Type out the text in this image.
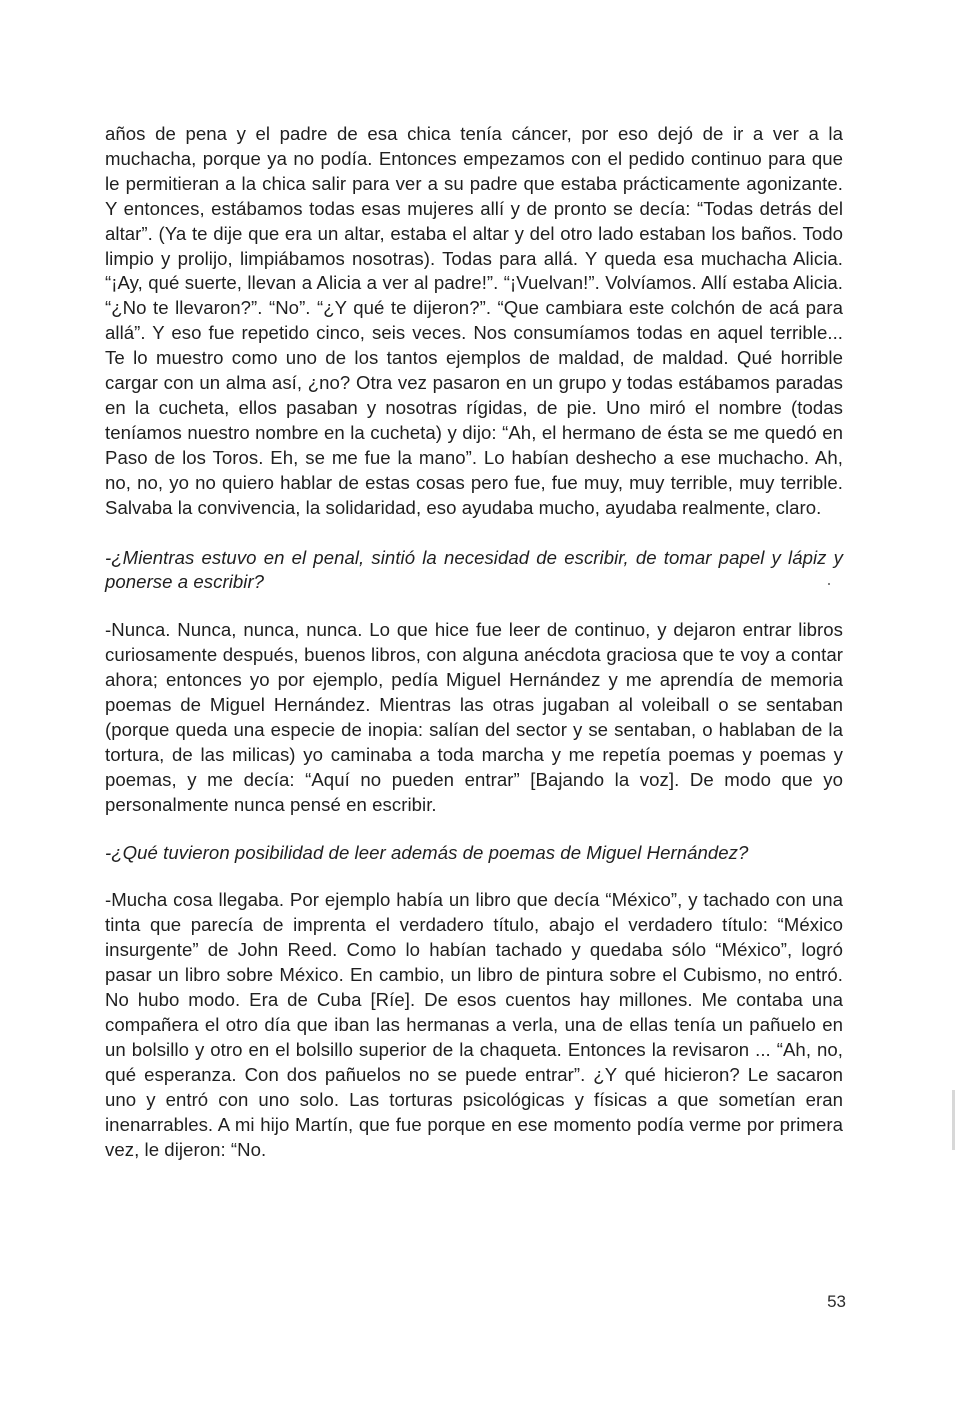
años de pena y el padre de esa chica tenía cáncer, por eso dejó de ir a ver a la muchacha, porque ya no podía. Entonces empezamos con el pedido continuo para que le permitieran a la chica salir para ver a su padre que estaba prácticamente agonizante. Y entonces, estábamos todas esas mujeres allí y de pronto se decía: “Todas detrás del altar”. (Ya te dije que era un altar, estaba el altar y del otro lado estaban los baños. Todo limpio y prolijo, limpiábamos nosotras). Todas para allá. Y queda esa muchacha Alicia. “¡Ay, qué suerte, llevan a Alicia a ver al padre!”. “¡Vuelvan!”. Volvíamos. Allí estaba Alicia. “¿No te llevaron?”. “No”. “¿Y qué te dijeron?”. “Que cambiara este colchón de acá para allá”. Y eso fue repetido cinco, seis veces. Nos consumíamos todas en aquel terrible... Te lo muestro como uno de los tantos ejemplos de maldad, de maldad. Qué horrible cargar con un alma así, ¿no? Otra vez pasaron en un grupo y todas estábamos paradas en la cucheta, ellos pasaban y nosotras rígidas, de pie. Uno miró el nombre (todas teníamos nuestro nombre en la cucheta) y dijo: “Ah, el hermano de ésta se me quedó en Paso de los Toros. Eh, se me fue la mano”. Lo habían deshecho a ese muchacho. Ah, no, no, yo no quiero hablar de estas cosas pero fue, fue muy, muy terrible, muy terrible. Salvaba la convivencia, la solidaridad, eso ayudaba mucho, ayudaba realmente, claro.

-¿Mientras estuvo en el penal, sintió la necesidad de escribir, de tomar papel y lápiz y ponerse a escribir?

-Nunca. Nunca, nunca, nunca. Lo que hice fue leer de continuo, y dejaron entrar libros curiosamente después, buenos libros, con alguna anécdota graciosa que te voy a contar ahora; entonces yo por ejemplo, pedía Miguel Hernández y me aprendía de memoria poemas de Miguel Hernández. Mientras las otras jugaban al voleiball o se sentaban (porque queda una especie de inopia: salían del sector y se sentaban, o hablaban de la tortura, de las milicas) yo caminaba a toda marcha y me repetía poemas y poemas y poemas, y me decía: “Aquí no pueden entrar” [Bajando la voz]. De modo que yo personalmente nunca pensé en escribir.

-¿Qué tuvieron posibilidad de leer además de poemas de Miguel Hernández?

-Mucha cosa llegaba. Por ejemplo había un libro que decía “México”, y tachado con una tinta que parecía de imprenta el verdadero título, abajo el verdadero título: “México insurgente” de John Reed. Como lo habían tachado y quedaba sólo “México”, logró pasar un libro sobre México. En cambio, un libro de pintura sobre el Cubismo, no entró. No hubo modo. Era de Cuba [Ríe]. De esos cuentos hay millones. Me contaba una compañera el otro día que iban las hermanas a verla, una de ellas tenía un pañuelo en un bolsillo y otro en el bolsillo superior de la chaqueta. Entonces la revisaron ... “Ah, no, qué esperanza. Con dos pañuelos no se puede entrar”. ¿Y qué hicieron? Le sacaron uno y entró con uno solo. Las torturas psicológicas y físicas a que sometían eran inenarrables. A mi hijo Martín, que fue porque en ese momento podía verme por primera vez, le dijeron: “No.

53
